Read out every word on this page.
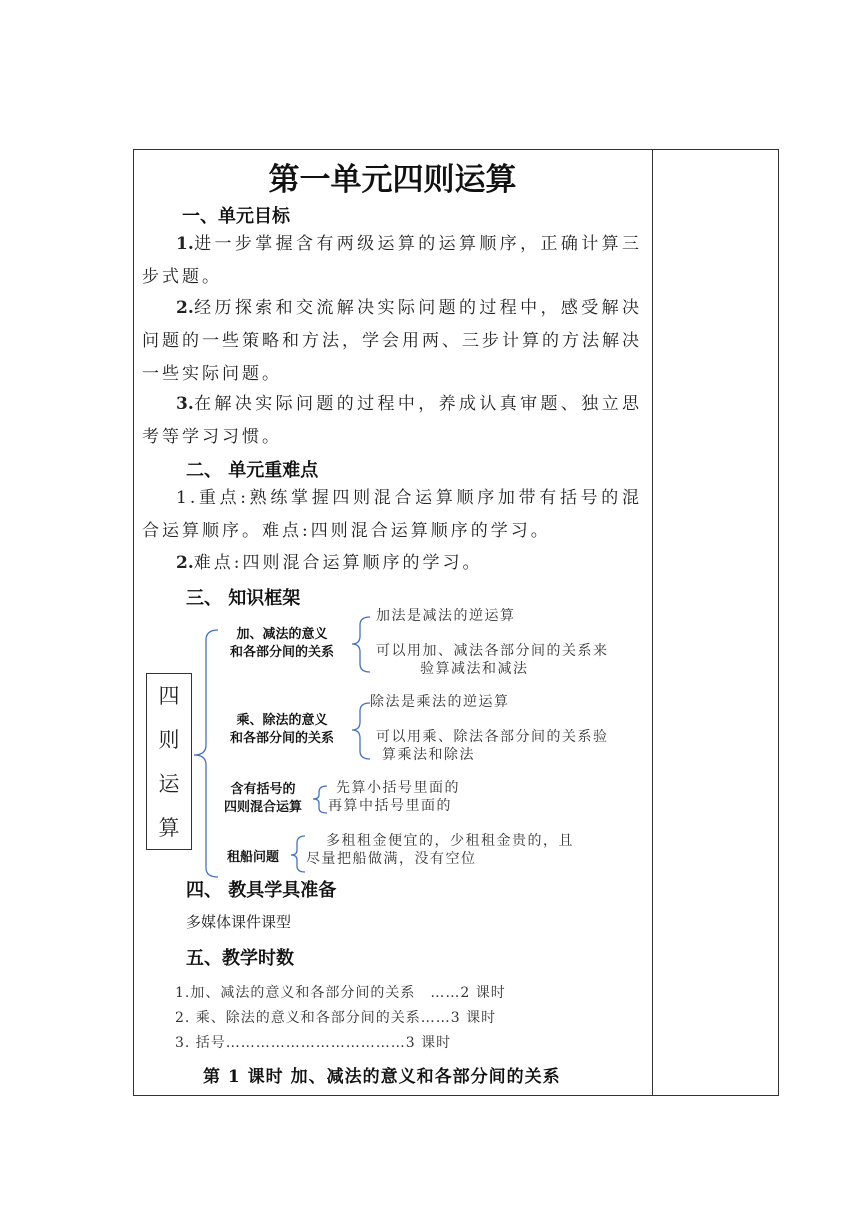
第一单元四则运算
一、单元目标
1.进一步掌握含有两级运算的运算顺序，正确计算三步式题。
2.经历探索和交流解决实际问题的过程中，感受解决问题的一些策略和方法，学会用两、三步计算的方法解决一些实际问题。
3.在解决实际问题的过程中，养成认真审题、独立思考等学习习惯。
二、 单元重难点
1.重点:熟练掌握四则混合运算顺序加带有括号的混合运算顺序。难点:四则混合运算顺序的学习。
2.难点:四则混合运算顺序的学习。
三、 知识框架
四
则
运
算
加、减法的意义
和各部分间的关系
加法是减法的逆运算
可以用加、减法各部分间的关系来
验算减法和减法
乘、除法的意义
和各部分间的关系
除法是乘法的逆运算
可以用乘、除法各部分间的关系验
算乘法和除法
含有括号的
四则混合运算
先算小括号里面的
再算中括号里面的
租船问题
多租租金便宜的，少租租金贵的，且
尽量把船做满，没有空位
四、 教具学具准备
多媒体课件课型
五、教学时数
1.加、减法的意义和各部分间的关系　……2 课时
2. 乘、除法的意义和各部分间的关系……3 课时
3. 括号………………………………3 课时
第 1 课时 加、减法的意义和各部分间的关系
